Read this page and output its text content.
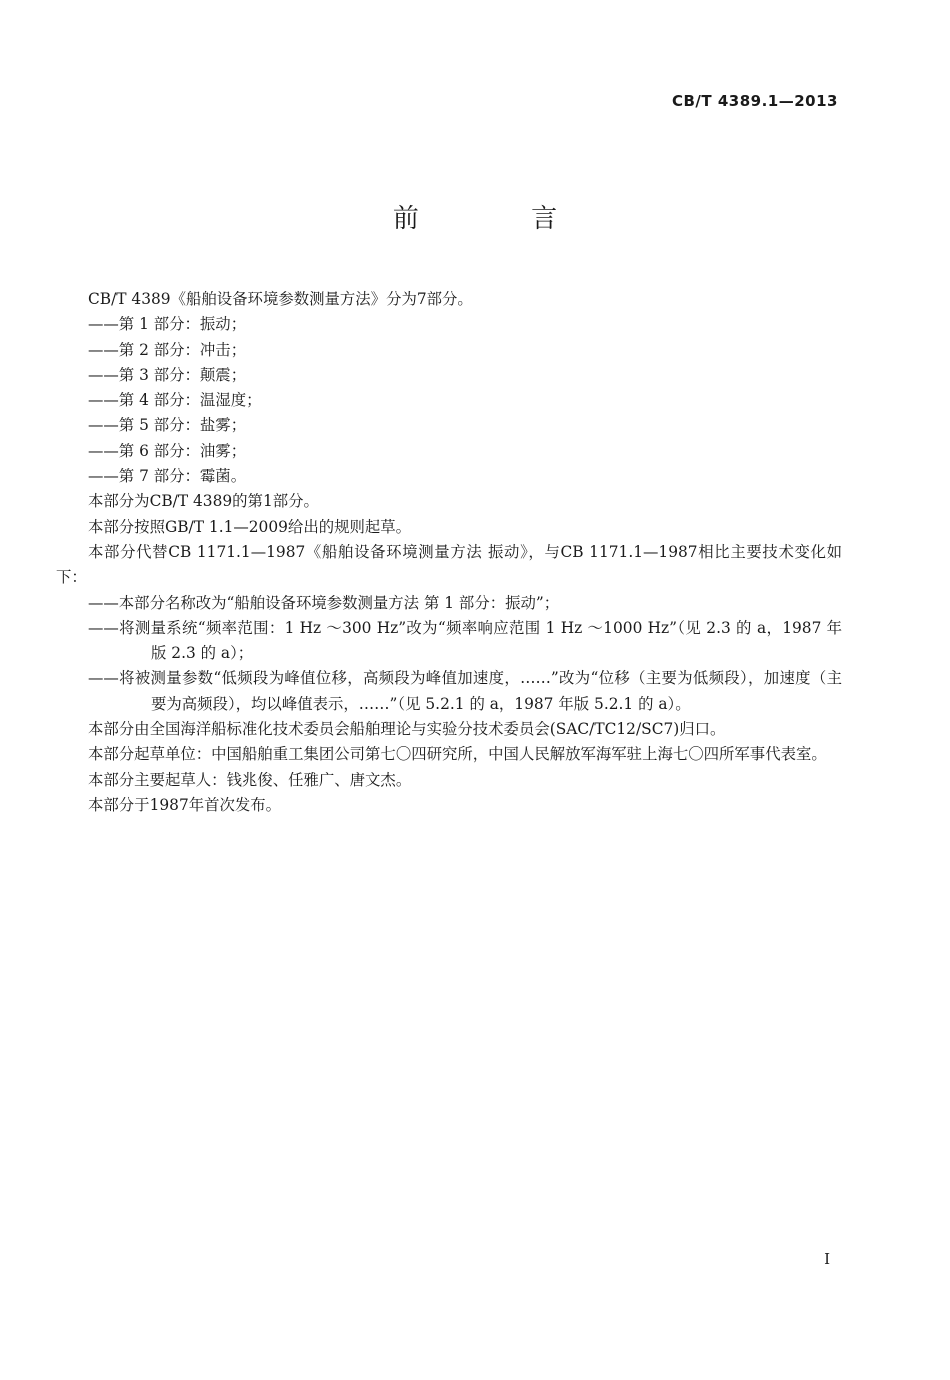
CB/T 4389.1—2013
前 言

CB/T 4389《船舶设备环境参数测量方法》分为7部分。

——第 1 部分：振动；

——第 2 部分：冲击；

——第 3 部分：颠震；

——第 4 部分：温湿度；

——第 5 部分：盐雾；

——第 6 部分：油雾；

——第 7 部分：霉菌。

本部分为CB/T 4389的第1部分。

本部分按照GB/T 1.1—2009给出的规则起草。

本部分代替CB 1171.1—1987《船舶设备环境测量方法 振动》，与CB 1171.1—1987相比主要技术变化如下：

——本部分名称改为“船舶设备环境参数测量方法 第 1 部分：振动”；

——将测量系统“频率范围：1 Hz ～300 Hz”改为“频率响应范围 1 Hz ～1000 Hz”（见 2.3 的 a，1987 年版 2.3 的 a）；

——将被测量参数“低频段为峰值位移，高频段为峰值加速度，……”改为“位移（主要为低频段），加速度（主要为高频段），均以峰值表示，……”（见 5.2.1 的 a，1987 年版 5.2.1 的 a）。

本部分由全国海洋船标准化技术委员会船舶理论与实验分技术委员会(SAC/TC12/SC7)归口。

本部分起草单位：中国船舶重工集团公司第七〇四研究所，中国人民解放军海军驻上海七〇四所军事代表室。

本部分主要起草人：钱兆俊、任雅广、唐文杰。

本部分于1987年首次发布。

I
